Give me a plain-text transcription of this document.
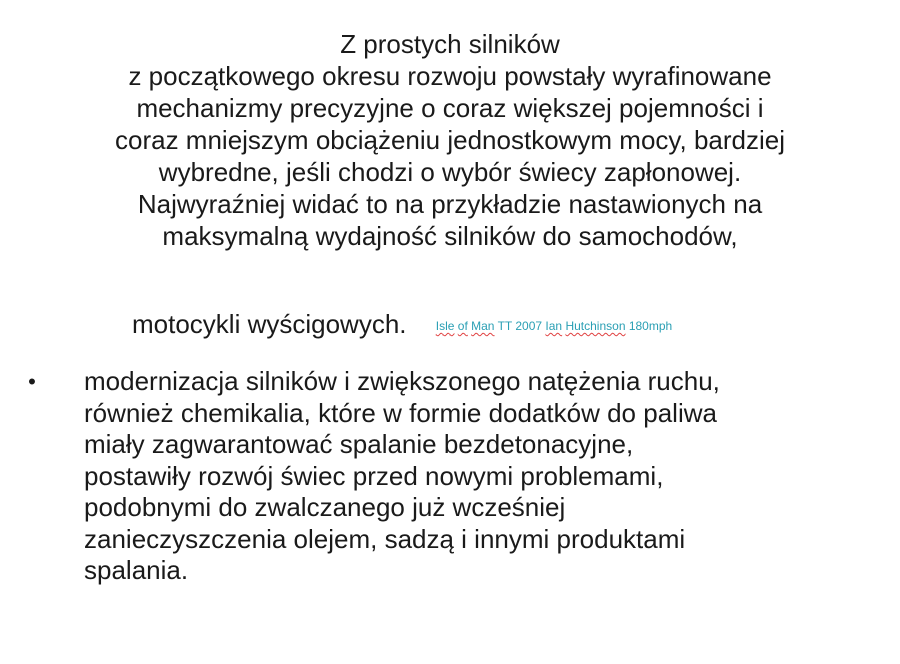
Z prostych silników
z początkowego okresu rozwoju powstały wyrafinowane
mechanizmy precyzyjne o coraz większej pojemności i
coraz mniejszym obciążeniu jednostkowym mocy, bardziej
wybredne, jeśli chodzi o wybór świecy zapłonowej.
Najwyraźniej widać to na przykładzie nastawionych na
maksymalną wydajność silników do samochodów,

motocykli wyścigowych. Isle of Man TT 2007 Ian Hutchinson 180mph
• modernizacja silników i zwiększonego natężenia ruchu,
również chemikalia, które w formie dodatków do paliwa
miały zagwarantować spalanie bezdetonacyjne,
postawiły rozwój świec przed nowymi problemami,
podobnymi do zwalczanego już wcześniej
zanieczyszczenia olejem, sadzą i innymi produktami
spalania.
